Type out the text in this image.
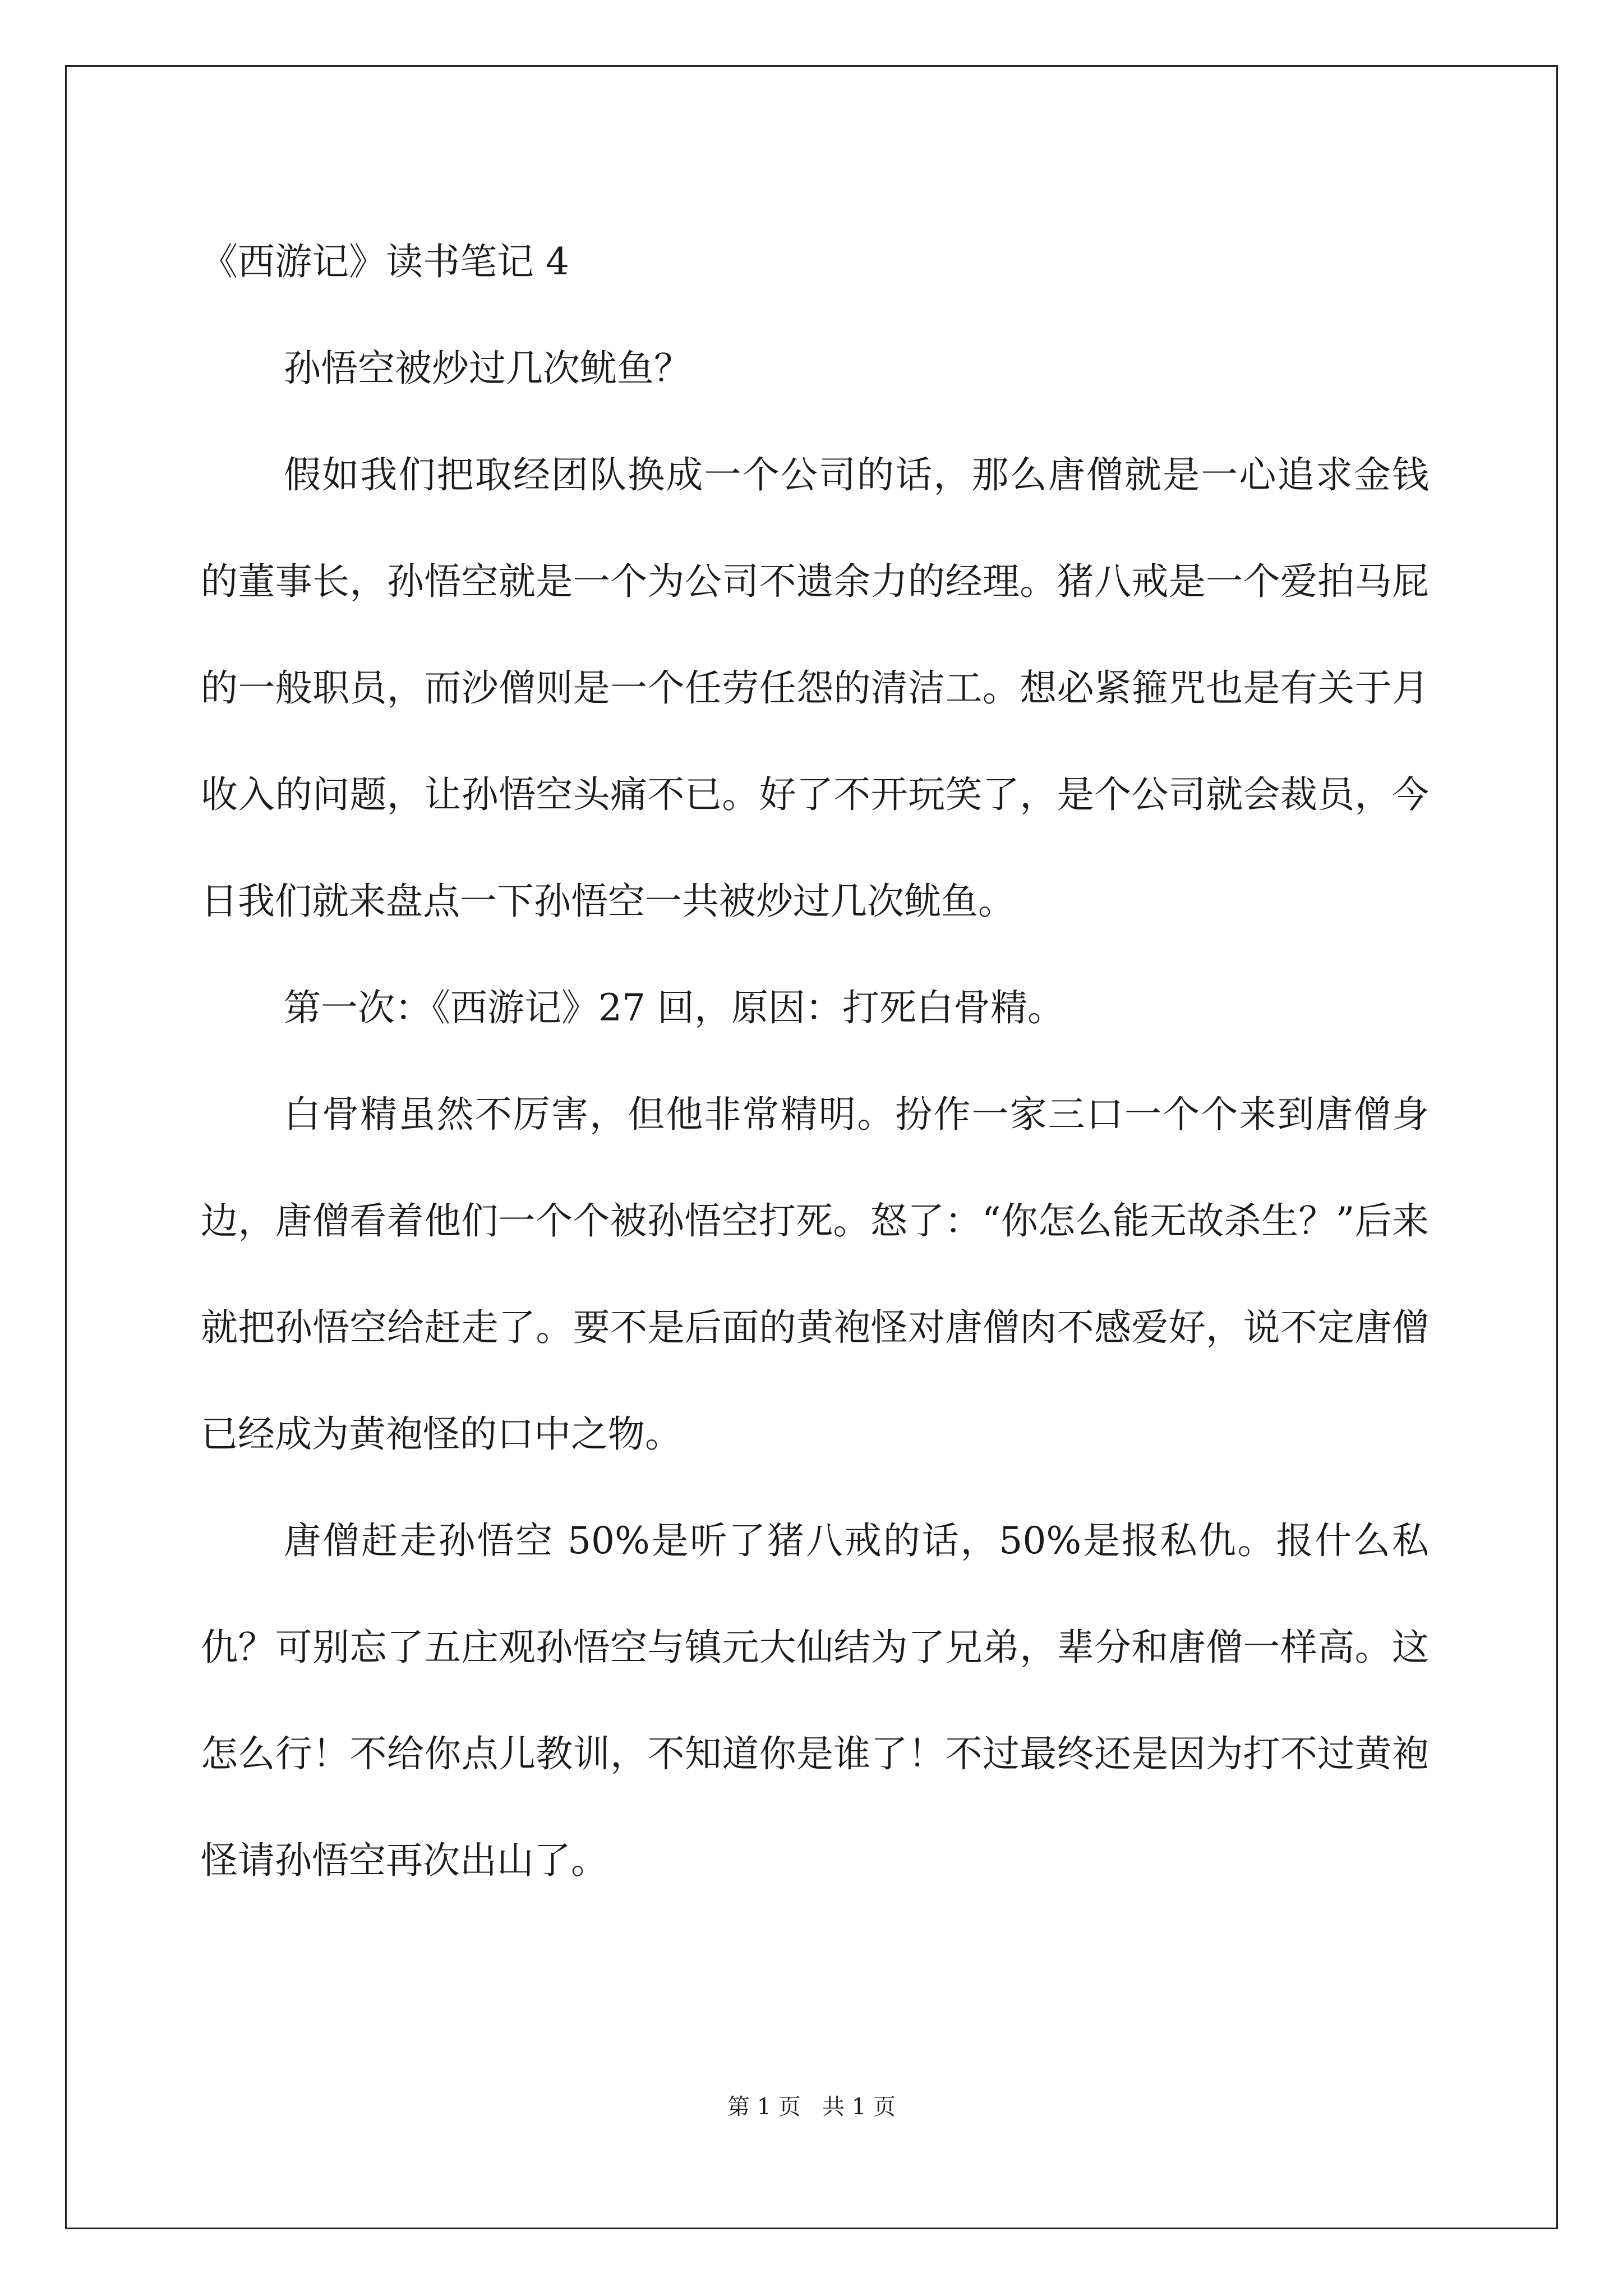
《西游记》读书笔记 4

孙悟空被炒过几次鱿鱼？

假如我们把取经团队换成一个公司的话，那么唐僧就是一心追求金钱的董事长，孙悟空就是一个为公司不遗余力的经理。猪八戒是一个爱拍马屁的一般职员，而沙僧则是一个任劳任怨的清洁工。想必紧箍咒也是有关于月收入的问题，让孙悟空头痛不已。好了不开玩笑了，是个公司就会裁员，今日我们就来盘点一下孙悟空一共被炒过几次鱿鱼。

第一次：《西游记》27 回，原因：打死白骨精。

白骨精虽然不厉害，但他非常精明。扮作一家三口一个个来到唐僧身边，唐僧看着他们一个个被孙悟空打死。怒了：“你怎么能无故杀生？”后来就把孙悟空给赶走了。要不是后面的黄袍怪对唐僧肉不感爱好，说不定唐僧已经成为黄袍怪的口中之物。

唐僧赶走孙悟空 50%是听了猪八戒的话，50%是报私仇。报什么私仇？可别忘了五庄观孙悟空与镇元大仙结为了兄弟，辈分和唐僧一样高。这怎么行！不给你点儿教训，不知道你是谁了！不过最终还是因为打不过黄袍怪请孙悟空再次出山了。

第 1 页   共 1 页
